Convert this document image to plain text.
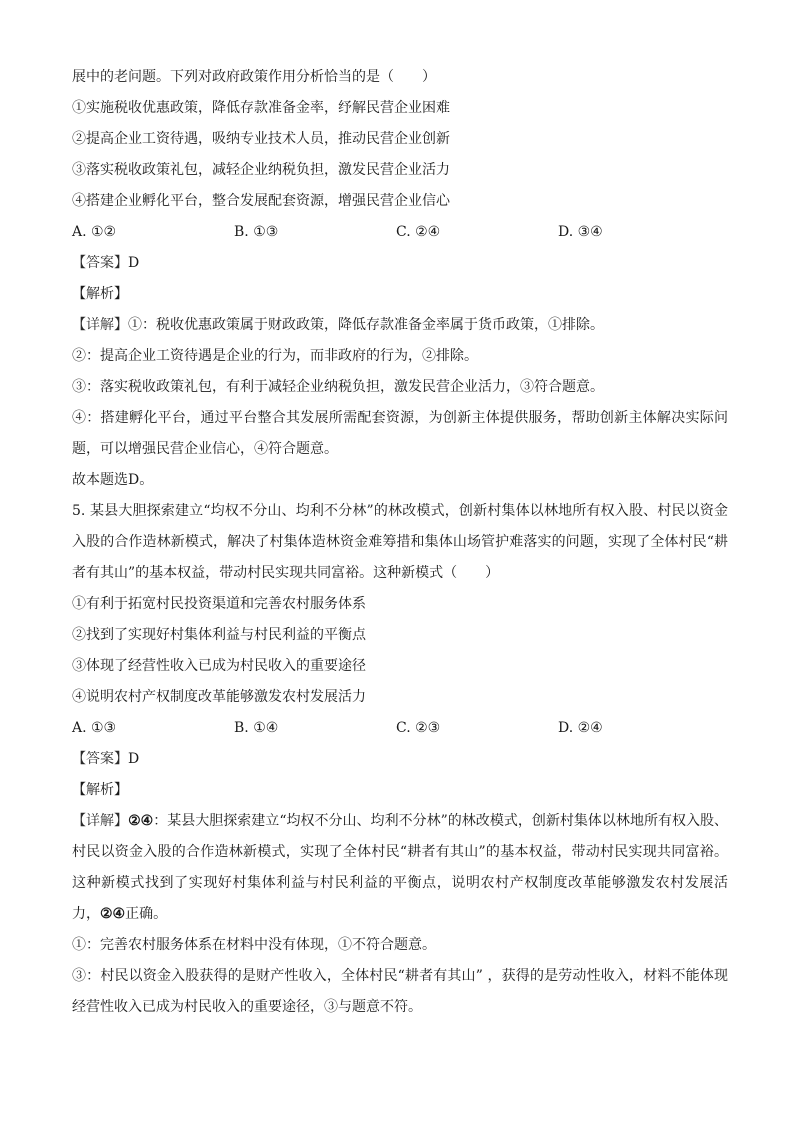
展中的老问题。下列对政府政策作用分析恰当的是（　　）
①实施税收优惠政策，降低存款准备金率，纾解民营企业困难
②提高企业工资待遇，吸纳专业技术人员，推动民营企业创新
③落实税收政策礼包，减轻企业纳税负担，激发民营企业活力
④搭建企业孵化平台，整合发展配套资源，增强民营企业信心
A. ①②	B. ①③	C. ②④	D. ③④
【答案】D
【解析】
【详解】①：税收优惠政策属于财政政策，降低存款准备金率属于货币政策，①排除。
②：提高企业工资待遇是企业的行为，而非政府的行为，②排除。
③：落实税收政策礼包，有利于减轻企业纳税负担，激发民营企业活力，③符合题意。
④：搭建孵化平台，通过平台整合其发展所需配套资源，为创新主体提供服务，帮助创新主体解决实际问题，可以增强民营企业信心，④符合题意。
故本题选D。
5. 某县大胆探索建立“均权不分山、均利不分林”的林改模式，创新村集体以林地所有权入股、村民以资金入股的合作造林新模式，解决了村集体造林资金难筹措和集体山场管护难落实的问题，实现了全体村民“耕者有其山”的基本权益，带动村民实现共同富裕。这种新模式（　　）
①有利于拓宽村民投资渠道和完善农村服务体系
②找到了实现好村集体利益与村民利益的平衡点
③体现了经营性收入已成为村民收入的重要途径
④说明农村产权制度改革能够激发农村发展活力
A. ①③	B. ①④	C. ②③	D. ②④
【答案】D
【解析】
【详解】②④：某县大胆探索建立“均权不分山、均利不分林”的林改模式，创新村集体以林地所有权入股、村民以资金入股的合作造林新模式，实现了全体村民“耕者有其山”的基本权益，带动村民实现共同富裕。这种新模式找到了实现好村集体利益与村民利益的平衡点，说明农村产权制度改革能够激发农村发展活力，②④正确。
①：完善农村服务体系在材料中没有体现，①不符合题意。
③：村民以资金入股获得的是财产性收入，全体村民“耕者有其山” ，获得的是劳动性收入，材料不能体现经营性收入已成为村民收入的重要途径，③与题意不符。
